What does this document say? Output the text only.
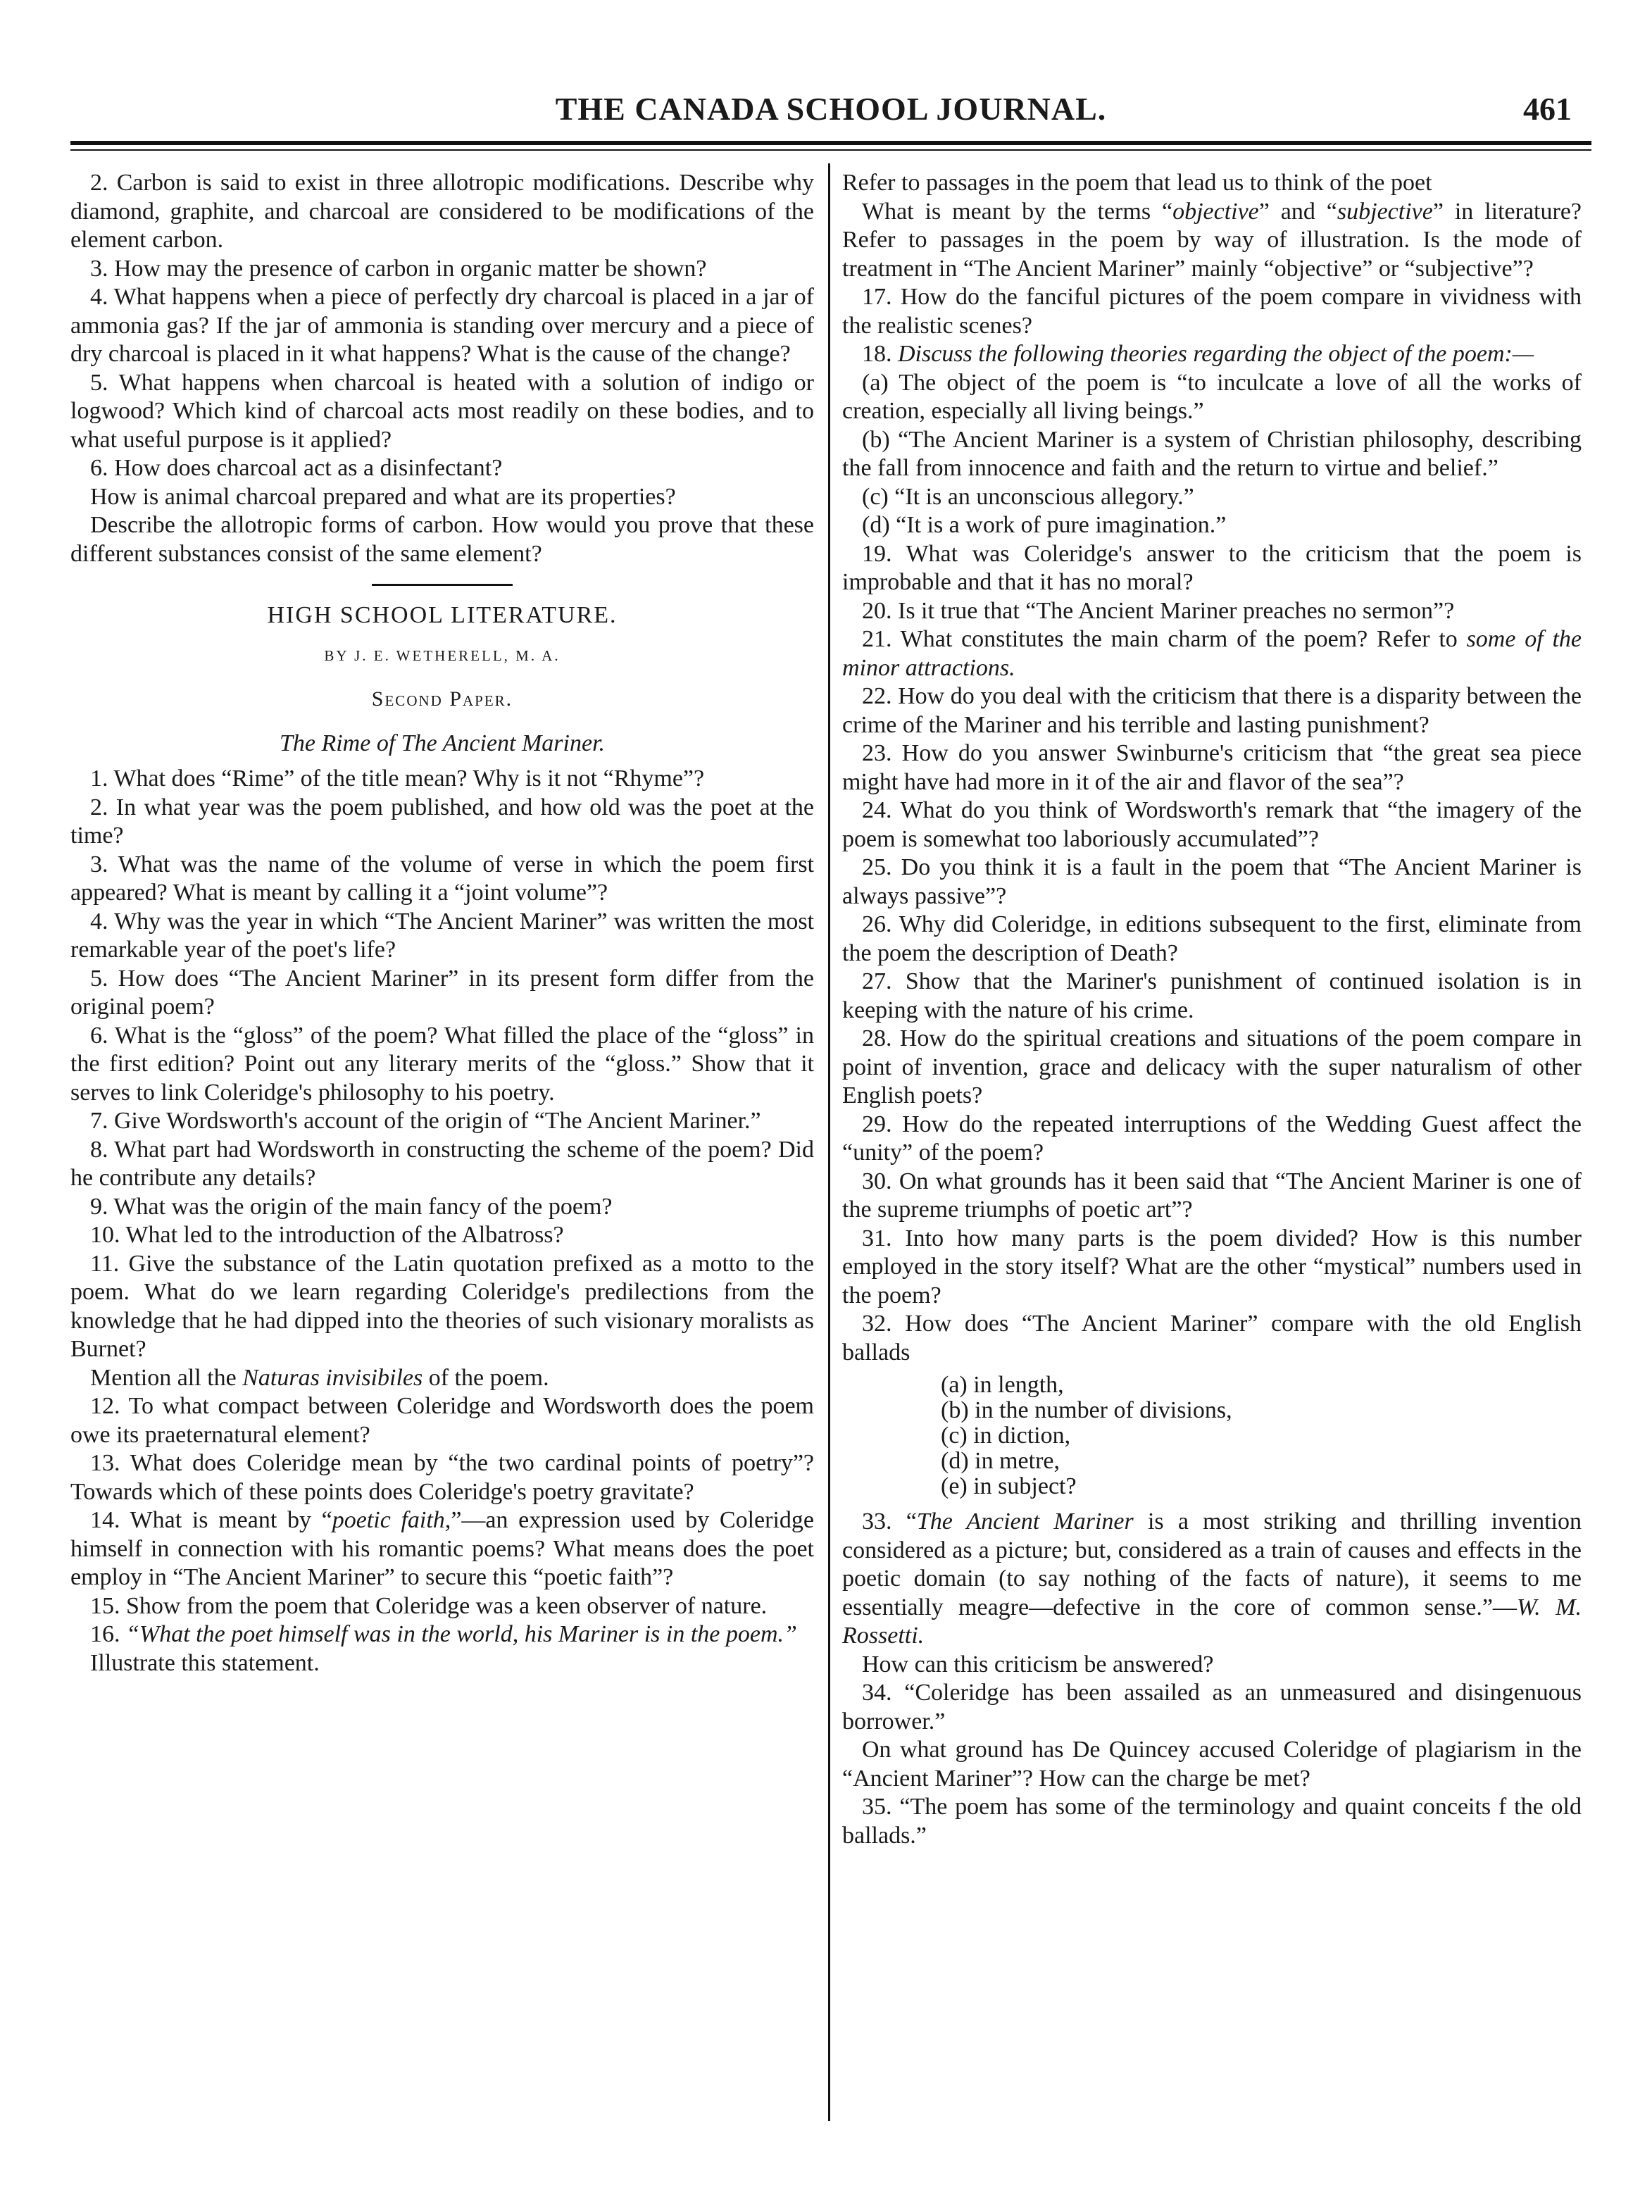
THE CANADA SCHOOL JOURNAL.	461

2. Carbon is said to exist in three allotropic modifications. Describe why diamond, graphite, and charcoal are considered to be modifications of the element carbon.

3. How may the presence of carbon in organic matter be shown?

4. What happens when a piece of perfectly dry charcoal is placed in a jar of ammonia gas? If the jar of ammonia is standing over mercury and a piece of dry charcoal is placed in it what happens? What is the cause of the change?

5. What happens when charcoal is heated with a solution of indigo or logwood? Which kind of charcoal acts most readily on these bodies, and to what useful purpose is it applied?

6. How does charcoal act as a disinfectant?

How is animal charcoal prepared and what are its properties?

Describe the allotropic forms of carbon. How would you prove that these different substances consist of the same element?

HIGH SCHOOL LITERATURE.
BY J. E. WETHERELL, M. A.
Second Paper.
The Rime of The Ancient Mariner.

1. What does “Rime” of the title mean? Why is it not “Rhyme”?

2. In what year was the poem published, and how old was the poet at the time?

3. What was the name of the volume of verse in which the poem first appeared? What is meant by calling it a “joint volume”?

4. Why was the year in which “The Ancient Mariner” was written the most remarkable year of the poet's life?

5. How does “The Ancient Mariner” in its present form differ from the original poem?

6. What is the “gloss” of the poem? What filled the place of the “gloss” in the first edition? Point out any literary merits of the “gloss.” Show that it serves to link Coleridge's philosophy to his poetry.

7. Give Wordsworth's account of the origin of “The Ancient Mariner.”

8. What part had Wordsworth in constructing the scheme of the poem? Did he contribute any details?

9. What was the origin of the main fancy of the poem?

10. What led to the introduction of the Albatross?

11. Give the substance of the Latin quotation prefixed as a motto to the poem. What do we learn regarding Coleridge's predilections from the knowledge that he had dipped into the theories of such visionary moralists as Burnet?

Mention all the Naturas invisibiles of the poem.

12. To what compact between Coleridge and Wordsworth does the poem owe its praeternatural element?

13. What does Coleridge mean by “the two cardinal points of poetry”? Towards which of these points does Coleridge's poetry gravitate?

14. What is meant by “poetic faith,”—an expression used by Coleridge himself in connection with his romantic poems? What means does the poet employ in “The Ancient Mariner” to secure this “poetic faith”?

15. Show from the poem that Coleridge was a keen observer of nature.

16. “What the poet himself was in the world, his Mariner is in the poem.”

Illustrate this statement.

Refer to passages in the poem that lead us to think of the poet

What is meant by the terms “objective” and “subjective” in literature? Refer to passages in the poem by way of illustration. Is the mode of treatment in “The Ancient Mariner” mainly “objective” or “subjective”?

17. How do the fanciful pictures of the poem compare in vividness with the realistic scenes?

18. Discuss the following theories regarding the object of the poem:—

(a) The object of the poem is “to inculcate a love of all the works of creation, especially all living beings.”

(b) “The Ancient Mariner is a system of Christian philosophy, describing the fall from innocence and faith and the return to virtue and belief.”

(c) “It is an unconscious allegory.”

(d) “It is a work of pure imagination.”

19. What was Coleridge's answer to the criticism that the poem is improbable and that it has no moral?

20. Is it true that “The Ancient Mariner preaches no sermon”?

21. What constitutes the main charm of the poem? Refer to some of the minor attractions.

22. How do you deal with the criticism that there is a disparity between the crime of the Mariner and his terrible and lasting punishment?

23. How do you answer Swinburne's criticism that “the great sea piece might have had more in it of the air and flavor of the sea”?

24. What do you think of Wordsworth's remark that “the imagery of the poem is somewhat too laboriously accumulated”?

25. Do you think it is a fault in the poem that “The Ancient Mariner is always passive”?

26. Why did Coleridge, in editions subsequent to the first, eliminate from the poem the description of Death?

27. Show that the Mariner's punishment of continued isolation is in keeping with the nature of his crime.

28. How do the spiritual creations and situations of the poem compare in point of invention, grace and delicacy with the super naturalism of other English poets?

29. How do the repeated interruptions of the Wedding Guest affect the “unity” of the poem?

30. On what grounds has it been said that “The Ancient Mariner is one of the supreme triumphs of poetic art”?

31. Into how many parts is the poem divided? How is this number employed in the story itself? What are the other “mystical” numbers used in the poem?

32. How does “The Ancient Mariner” compare with the old English ballads

(a) in length,
(b) in the number of divisions,
(c) in diction,
(d) in metre,
(e) in subject?

33. “The Ancient Mariner is a most striking and thrilling invention considered as a picture; but, considered as a train of causes and effects in the poetic domain (to say nothing of the facts of nature), it seems to me essentially meagre—defective in the core of common sense.”—W. M. Rossetti.

How can this criticism be answered?

34. “Coleridge has been assailed as an unmeasured and disingenuous borrower.”

On what ground has De Quincey accused Coleridge of plagiarism in the “Ancient Mariner”? How can the charge be met?

35. “The poem has some of the terminology and quaint conceits f the old ballads.”
